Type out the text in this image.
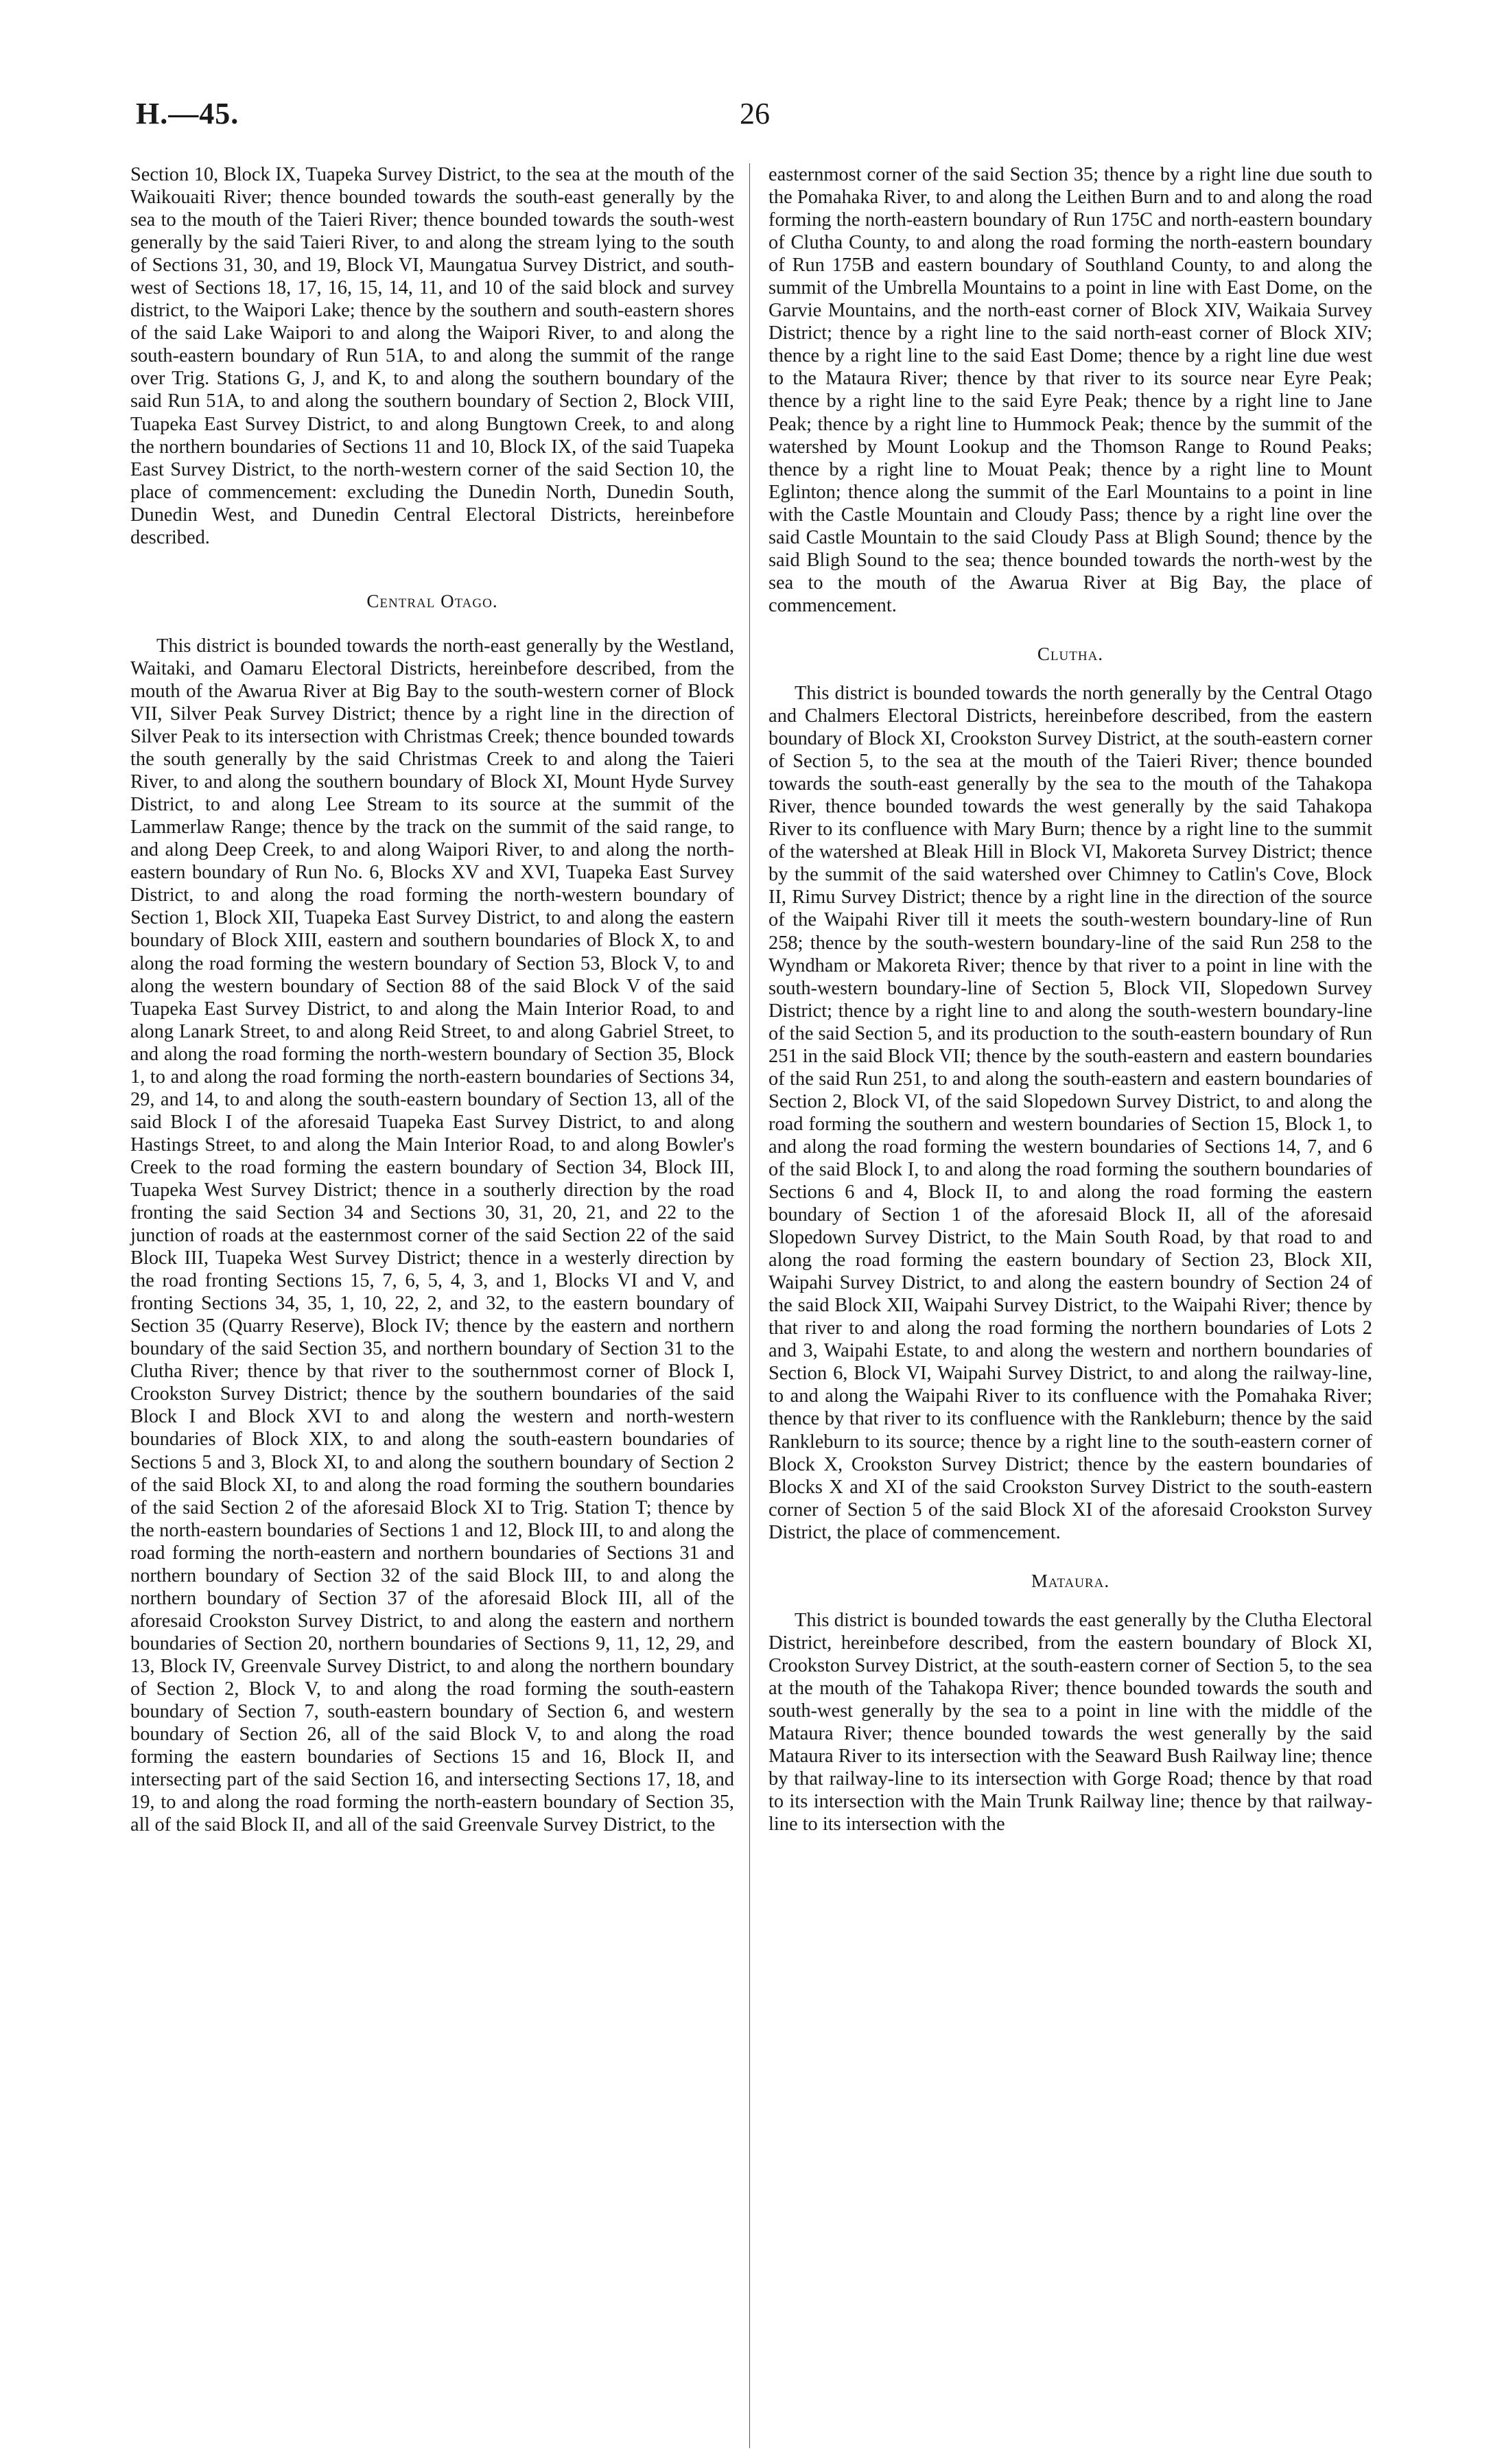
H.—45.	26

Section 10, Block IX, Tuapeka Survey District, to the sea at the mouth of the Waikouaiti River; thence bounded towards the south-east generally by the sea to the mouth of the Taieri River; thence bounded towards the south-west generally by the said Taieri River, to and along the stream lying to the south of Sections 31, 30, and 19, Block VI, Maungatua Survey District, and south-west of Sections 18, 17, 16, 15, 14, 11, and 10 of the said block and survey district, to the Waipori Lake; thence by the southern and south-eastern shores of the said Lake Waipori to and along the Waipori River, to and along the south-eastern boundary of Run 51A, to and along the summit of the range over Trig. Stations G, J, and K, to and along the southern boundary of the said Run 51A, to and along the southern boundary of Section 2, Block VIII, Tuapeka East Survey District, to and along Bungtown Creek, to and along the northern boundaries of Sections 11 and 10, Block IX, of the said Tuapeka East Survey District, to the north-western corner of the said Section 10, the place of commencement: excluding the Dunedin North, Dunedin South, Dunedin West, and Dunedin Central Electoral Districts, hereinbefore described.

Central Otago.

This district is bounded towards the north-east generally by the Westland, Waitaki, and Oamaru Electoral Districts, hereinbefore described, from the mouth of the Awarua River at Big Bay to the south-western corner of Block VII, Silver Peak Survey District; thence by a right line in the direction of Silver Peak to its intersection with Christmas Creek; thence bounded towards the south generally by the said Christmas Creek to and along the Taieri River, to and along the southern boundary of Block XI, Mount Hyde Survey District, to and along Lee Stream to its source at the summit of the Lammerlaw Range; thence by the track on the summit of the said range, to and along Deep Creek, to and along Waipori River, to and along the north-eastern boundary of Run No. 6, Blocks XV and XVI, Tuapeka East Survey District, to and along the road forming the north-western boundary of Section 1, Block XII, Tuapeka East Survey District, to and along the eastern boundary of Block XIII, eastern and southern boundaries of Block X, to and along the road forming the western boundary of Section 53, Block V, to and along the western boundary of Section 88 of the said Block V of the said Tuapeka East Survey District, to and along the Main Interior Road, to and along Lanark Street, to and along Reid Street, to and along Gabriel Street, to and along the road forming the north-western boundary of Section 35, Block 1, to and along the road forming the north-eastern boundaries of Sections 34, 29, and 14, to and along the south-eastern boundary of Section 13, all of the said Block I of the aforesaid Tuapeka East Survey District, to and along Hastings Street, to and along the Main Interior Road, to and along Bowler's Creek to the road forming the eastern boundary of Section 34, Block III, Tuapeka West Survey District; thence in a southerly direction by the road fronting the said Section 34 and Sections 30, 31, 20, 21, and 22 to the junction of roads at the easternmost corner of the said Section 22 of the said Block III, Tuapeka West Survey District; thence in a westerly direction by the road fronting Sections 15, 7, 6, 5, 4, 3, and 1, Blocks VI and V, and fronting Sections 34, 35, 1, 10, 22, 2, and 32, to the eastern boundary of Section 35 (Quarry Reserve), Block IV; thence by the eastern and northern boundary of the said Section 35, and northern boundary of Section 31 to the Clutha River; thence by that river to the southernmost corner of Block I, Crookston Survey District; thence by the southern boundaries of the said Block I and Block XVI to and along the western and north-western boundaries of Block XIX, to and along the south-eastern boundaries of Sections 5 and 3, Block XI, to and along the southern boundary of Section 2 of the said Block XI, to and along the road forming the southern boundaries of the said Section 2 of the aforesaid Block XI to Trig. Station T; thence by the north-eastern boundaries of Sections 1 and 12, Block III, to and along the road forming the north-eastern and northern boundaries of Sections 31 and northern boundary of Section 32 of the said Block III, to and along the northern boundary of Section 37 of the aforesaid Block III, all of the aforesaid Crookston Survey District, to and along the eastern and northern boundaries of Section 20, northern boundaries of Sections 9, 11, 12, 29, and 13, Block IV, Greenvale Survey District, to and along the northern boundary of Section 2, Block V, to and along the road forming the south-eastern boundary of Section 7, south-eastern boundary of Section 6, and western boundary of Section 26, all of the said Block V, to and along the road forming the eastern boundaries of Sections 15 and 16, Block II, and intersecting part of the said Section 16, and intersecting Sections 17, 18, and 19, to and along the road forming the north-eastern boundary of Section 35, all of the said Block II, and all of the said Greenvale Survey District, to the

easternmost corner of the said Section 35; thence by a right line due south to the Pomahaka River, to and along the Leithen Burn and to and along the road forming the north-eastern boundary of Run 175C and north-eastern boundary of Clutha County, to and along the road forming the north-eastern boundary of Run 175B and eastern boundary of Southland County, to and along the summit of the Umbrella Mountains to a point in line with East Dome, on the Garvie Mountains, and the north-east corner of Block XIV, Waikaia Survey District; thence by a right line to the said north-east corner of Block XIV; thence by a right line to the said East Dome; thence by a right line due west to the Mataura River; thence by that river to its source near Eyre Peak; thence by a right line to the said Eyre Peak; thence by a right line to Jane Peak; thence by a right line to Hummock Peak; thence by the summit of the watershed by Mount Lookup and the Thomson Range to Round Peaks; thence by a right line to Mouat Peak; thence by a right line to Mount Eglinton; thence along the summit of the Earl Mountains to a point in line with the Castle Mountain and Cloudy Pass; thence by a right line over the said Castle Mountain to the said Cloudy Pass at Bligh Sound; thence by the said Bligh Sound to the sea; thence bounded towards the north-west by the sea to the mouth of the Awarua River at Big Bay, the place of commencement.

Clutha.

This district is bounded towards the north generally by the Central Otago and Chalmers Electoral Districts, hereinbefore described, from the eastern boundary of Block XI, Crookston Survey District, at the south-eastern corner of Section 5, to the sea at the mouth of the Taieri River; thence bounded towards the south-east generally by the sea to the mouth of the Tahakopa River, thence bounded towards the west generally by the said Tahakopa River to its confluence with Mary Burn; thence by a right line to the summit of the watershed at Bleak Hill in Block VI, Makoreta Survey District; thence by the summit of the said watershed over Chimney to Catlin's Cove, Block II, Rimu Survey District; thence by a right line in the direction of the source of the Waipahi River till it meets the south-western boundary-line of Run 258; thence by the south-western boundary-line of the said Run 258 to the Wyndham or Makoreta River; thence by that river to a point in line with the south-western boundary-line of Section 5, Block VII, Slopedown Survey District; thence by a right line to and along the south-western boundary-line of the said Section 5, and its production to the south-eastern boundary of Run 251 in the said Block VII; thence by the south-eastern and eastern boundaries of the said Run 251, to and along the south-eastern and eastern boundaries of Section 2, Block VI, of the said Slopedown Survey District, to and along the road forming the southern and western boundaries of Section 15, Block 1, to and along the road forming the western boundaries of Sections 14, 7, and 6 of the said Block I, to and along the road forming the southern boundaries of Sections 6 and 4, Block II, to and along the road forming the eastern boundary of Section 1 of the aforesaid Block II, all of the aforesaid Slopedown Survey District, to the Main South Road, by that road to and along the road forming the eastern boundary of Section 23, Block XII, Waipahi Survey District, to and along the eastern boundry of Section 24 of the said Block XII, Waipahi Survey District, to the Waipahi River; thence by that river to and along the road forming the northern boundaries of Lots 2 and 3, Waipahi Estate, to and along the western and northern boundaries of Section 6, Block VI, Waipahi Survey District, to and along the railway-line, to and along the Waipahi River to its confluence with the Pomahaka River; thence by that river to its confluence with the Rankleburn; thence by the said Rankleburn to its source; thence by a right line to the south-eastern corner of Block X, Crookston Survey District; thence by the eastern boundaries of Blocks X and XI of the said Crookston Survey District to the south-eastern corner of Section 5 of the said Block XI of the aforesaid Crookston Survey District, the place of commencement.

Mataura.

This district is bounded towards the east generally by the Clutha Electoral District, hereinbefore described, from the eastern boundary of Block XI, Crookston Survey District, at the south-eastern corner of Section 5, to the sea at the mouth of the Tahakopa River; thence bounded towards the south and south-west generally by the sea to a point in line with the middle of the Mataura River; thence bounded towards the west generally by the said Mataura River to its intersection with the Seaward Bush Railway line; thence by that railway-line to its intersection with Gorge Road; thence by that road to its intersection with the Main Trunk Railway line; thence by that railway-line to its intersection with the
